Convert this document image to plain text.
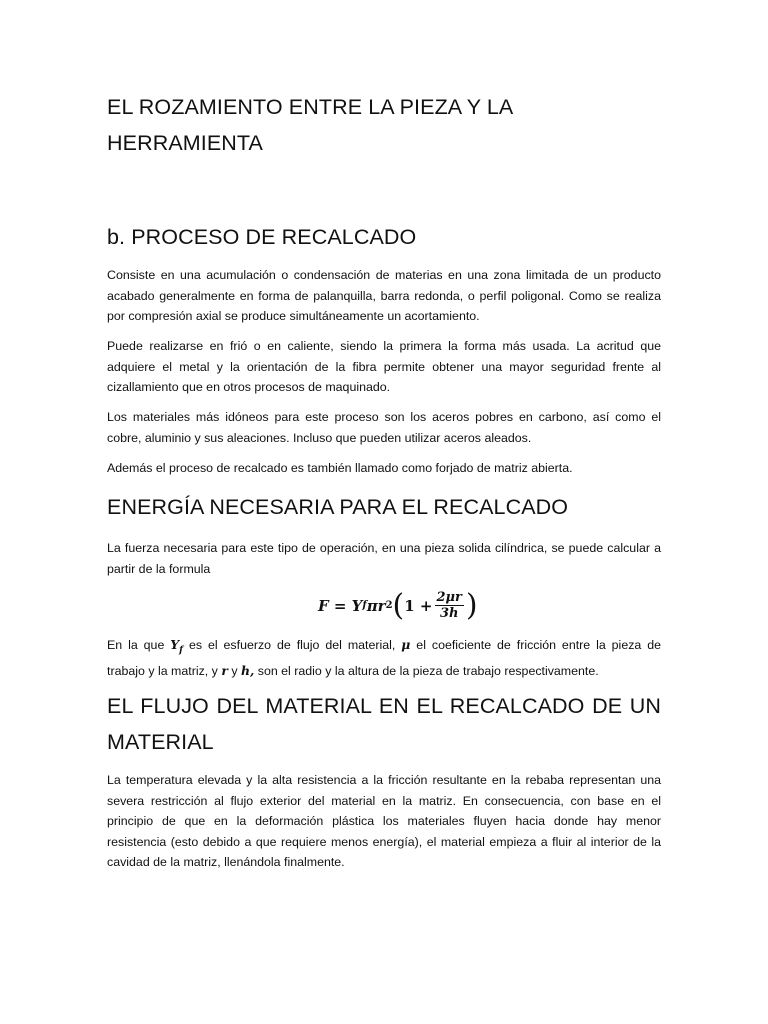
EL ROZAMIENTO ENTRE LA PIEZA Y LA
HERRAMIENTA
b. PROCESO DE RECALCADO
Consiste en una acumulación o condensación de materias en una zona limitada de un producto
acabado generalmente en forma de palanquilla, barra redonda, o perfil poligonal. Como se realiza
por compresión axial se produce simultáneamente un acortamiento.
Puede realizarse en frió o en caliente, siendo la primera la forma más usada. La acritud que
adquiere el metal y la orientación de la fibra permite obtener una mayor seguridad frente al
cizallamiento que en otros procesos de maquinado.
Los materiales más idóneos para este proceso son los aceros pobres en carbono, así como el
cobre, aluminio y sus aleaciones. Incluso que pueden utilizar aceros aleados.
Además el proceso de recalcado es también llamado como forjado de matriz abierta.
ENERGÍA NECESARIA PARA EL RECALCADO
La fuerza necesaria para este tipo de operación, en una pieza solida cilíndrica, se puede calcular a
partir de la formula
F = Y f πr 2 ( $1 + \frac{2\mu r}{3h}$ )
En la que $Y_f$ es el esfuerzo de flujo del material, μ el coeficiente de fricción entre la pieza de
trabajo y la matriz, y r y h, son el radio y la altura de la pieza de trabajo respectivamente.
EL FLUJO DEL MATERIAL EN EL RECALCADO DE UN
MATERIAL
La temperatura elevada y la alta resistencia a la fricción resultante en la rebaba representan una
severa restricción al flujo exterior del material en la matriz. En consecuencia, con base en el
principio de que en la deformación plástica los materiales fluyen hacia donde hay menor
resistencia (esto debido a que requiere menos energía), el material empieza a fluir al interior de la
cavidad de la matriz, llenándola finalmente.
